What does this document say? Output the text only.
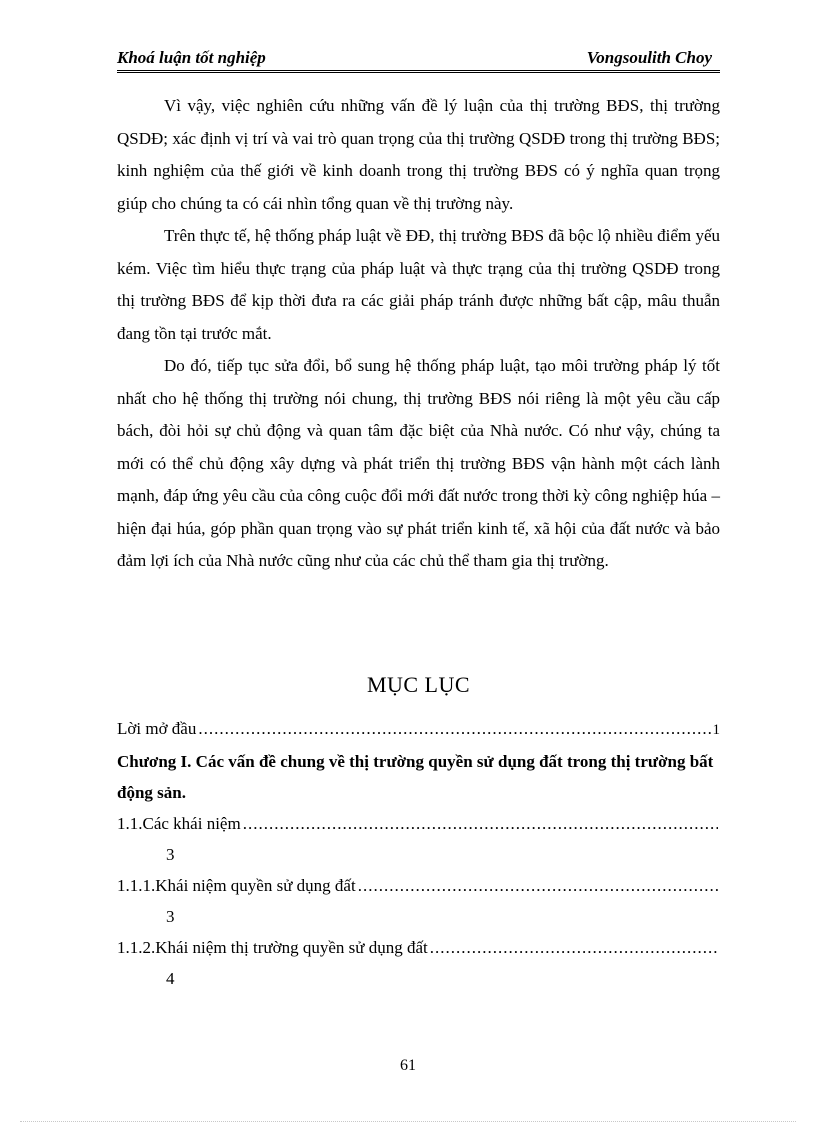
Khoá luận tốt nghiệp	Vongsoulith Choy

Vì vậy, việc nghiên cứu những vấn đề lý luận của thị trường BĐS, thị trường QSDĐ; xác định vị trí và vai trò quan trọng của thị trường QSDĐ trong thị trường BĐS; kinh nghiệm của thế giới về kinh doanh trong thị trường BĐS có ý nghĩa quan trọng giúp cho chúng ta có cái nhìn tổng quan về thị trường này.

Trên thực tế, hệ thống pháp luật về ĐĐ, thị trường BĐS đã bộc lộ nhiều điểm yếu kém. Việc tìm hiểu thực trạng của pháp luật và thực trạng của thị trường QSDĐ trong thị trường BĐS để kịp thời đưa ra các giải pháp tránh được những bất cập, mâu thuẫn đang tồn tại trước mắt.

Do đó, tiếp tục sửa đổi, bổ sung hệ thống pháp luật, tạo môi trường pháp lý tốt nhất cho hệ thống thị trường nói chung, thị trường BĐS nói riêng là một yêu cầu cấp bách, đòi hỏi sự chủ động và quan tâm đặc biệt của Nhà nước. Có như vậy, chúng ta mới có thể chủ động xây dựng và phát triển thị trường BĐS vận hành một cách lành mạnh, đáp ứng yêu cầu của công cuộc đổi mới đất nước trong thời kỳ công nghiệp húa – hiện đại húa, góp phần quan trọng vào sự phát triển kinh tế, xã hội của đất nước và bảo đảm lợi ích của Nhà nước cũng như của các chủ thể tham gia thị trường.

MỤC LỤC
Lời mở đầu
.....	1
Chương I. Các vấn đề chung về thị trường quyền sử dụng đất trong thị trường bất động sản.
1.1. Các khái niệm
.....
3
1.1.1. Khái niệm quyền sử dụng đất
.....
3
1.1.2. Khái niệm thị trường quyền sử dụng đất
.....
4
61
